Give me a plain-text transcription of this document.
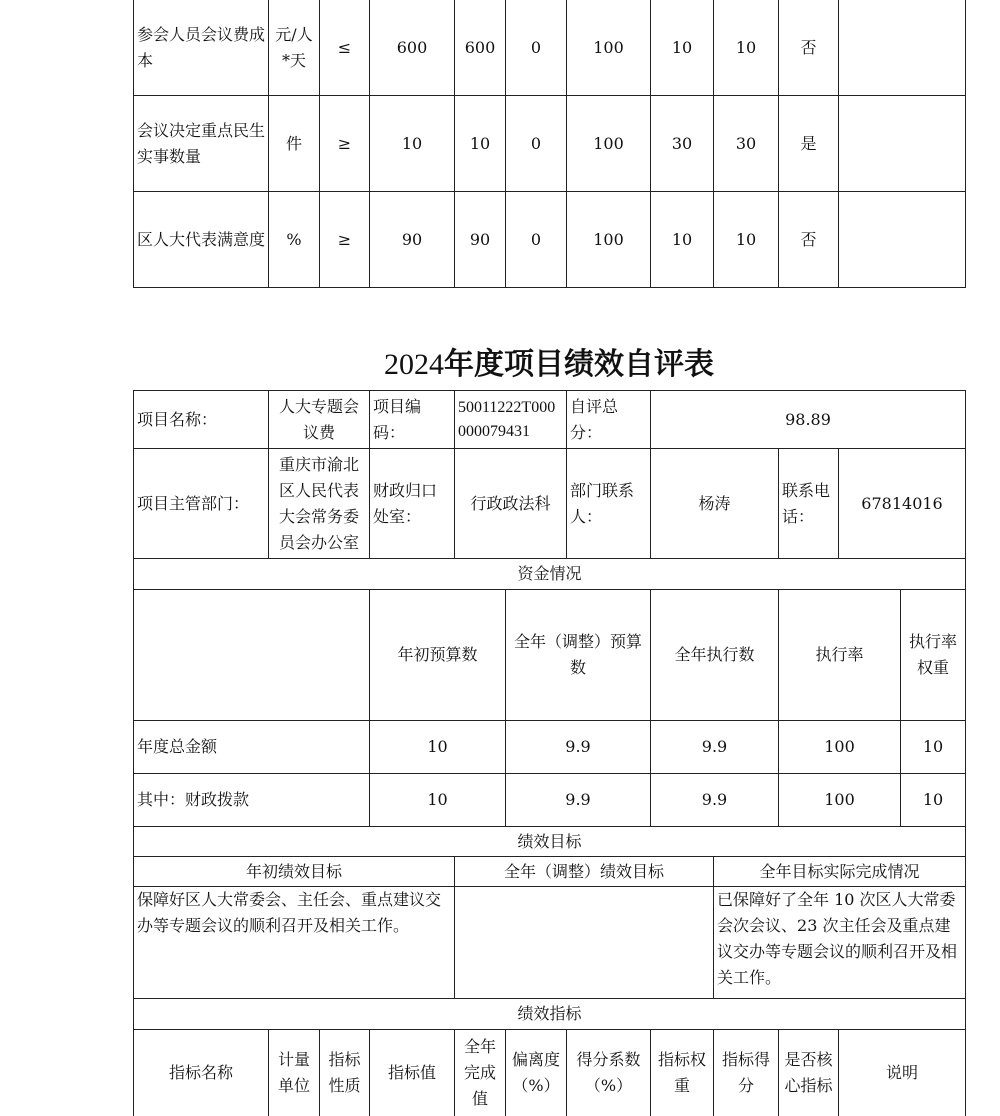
参会人员会议费成本	元/人*天	≤	600	600	0	100	10	10	否	
会议决定重点民生实事数量	件	≥	10	10	0	100	30	30	是	
区人大代表满意度	%	≥	90	90	0	100	10	10	否	
2024年度项目绩效自评表
项目名称：	人大专题会议费		项目编码：	50011222T000000079431		自评总分：	98.89					
项目主管部门：	重庆市渝北区人民代表大会常务委员会办公室		财政归口处室：	行政政法科		部门联系人：	杨涛		联系电话：	67814016		
资金情况												
			年初预算数		全年（调整）预算数		全年执行数		执行率		执行率权重	
年度总金额			10		9.9		9.9		100		10	
其中：财政拨款			10		9.9		9.9		100		10	
绩效目标												
年初绩效目标				全年（调整）绩效目标				全年目标实际完成情况				
保障好区人大常委会、主任会、重点建议交办等专题会议的顺利召开及相关工作。								已保障好了全年 10 次区人大常委会次会议、23 次主任会及重点建议交办等专题会议的顺利召开及相关工作。				
绩效指标												
指标名称	计量单位	指标性质	指标值	全年完成值	偏离度（%）	得分系数（%）	指标权重	指标得分	是否核心指标	说明		
